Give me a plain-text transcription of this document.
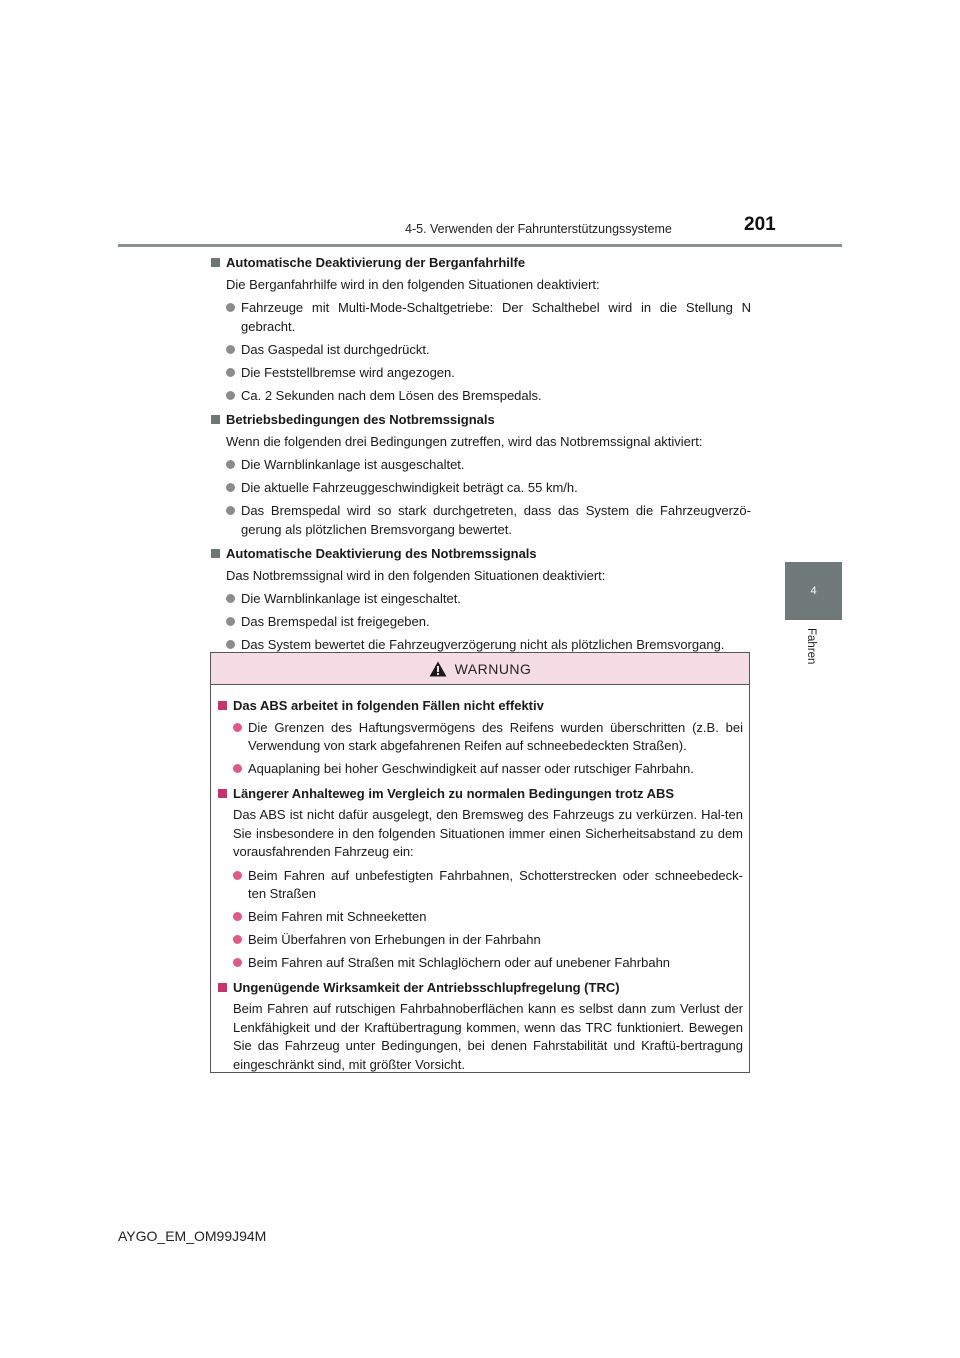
4-5. Verwenden der Fahrunterstützungssysteme	201
4
Fahren
Automatische Deaktivierung der Berganfahrhilfe
Die Berganfahrhilfe wird in den folgenden Situationen deaktiviert:
Fahrzeuge mit Multi-Mode-Schaltgetriebe: Der Schalthebel wird in die Stellung N gebracht.
Das Gaspedal ist durchgedrückt.
Die Feststellbremse wird angezogen.
Ca. 2 Sekunden nach dem Lösen des Bremspedals.
Betriebsbedingungen des Notbremssignals
Wenn die folgenden drei Bedingungen zutreffen, wird das Notbremssignal aktiviert:
Die Warnblinkanlage ist ausgeschaltet.
Die aktuelle Fahrzeuggeschwindigkeit beträgt ca. 55 km/h.
Das Bremspedal wird so stark durchgetreten, dass das System die Fahrzeugverzö-gerung als plötzlichen Bremsvorgang bewertet.
Automatische Deaktivierung des Notbremssignals
Das Notbremssignal wird in den folgenden Situationen deaktiviert:
Die Warnblinkanlage ist eingeschaltet.
Das Bremspedal ist freigegeben.
Das System bewertet die Fahrzeugverzögerung nicht als plötzlichen Bremsvorgang.
WARNUNG
Das ABS arbeitet in folgenden Fällen nicht effektiv
Die Grenzen des Haftungsvermögens des Reifens wurden überschritten (z.B. bei Verwendung von stark abgefahrenen Reifen auf schneebedeckten Straßen).
Aquaplaning bei hoher Geschwindigkeit auf nasser oder rutschiger Fahrbahn.
Längerer Anhalteweg im Vergleich zu normalen Bedingungen trotz ABS
Das ABS ist nicht dafür ausgelegt, den Bremsweg des Fahrzeugs zu verkürzen. Hal-ten Sie insbesondere in den folgenden Situationen immer einen Sicherheitsabstand zu dem vorausfahrenden Fahrzeug ein:
Beim Fahren auf unbefestigten Fahrbahnen, Schotterstrecken oder schneebedeck-ten Straßen
Beim Fahren mit Schneeketten
Beim Überfahren von Erhebungen in der Fahrbahn
Beim Fahren auf Straßen mit Schlaglöchern oder auf unebener Fahrbahn
Ungenügende Wirksamkeit der Antriebsschlupfregelung (TRC)
Beim Fahren auf rutschigen Fahrbahnoberflächen kann es selbst dann zum Verlust der Lenkfähigkeit und der Kraftübertragung kommen, wenn das TRC funktioniert. Bewegen Sie das Fahrzeug unter Bedingungen, bei denen Fahrstabilität und Kraftü-bertragung eingeschränkt sind, mit größter Vorsicht.
AYGO_EM_OM99J94M
